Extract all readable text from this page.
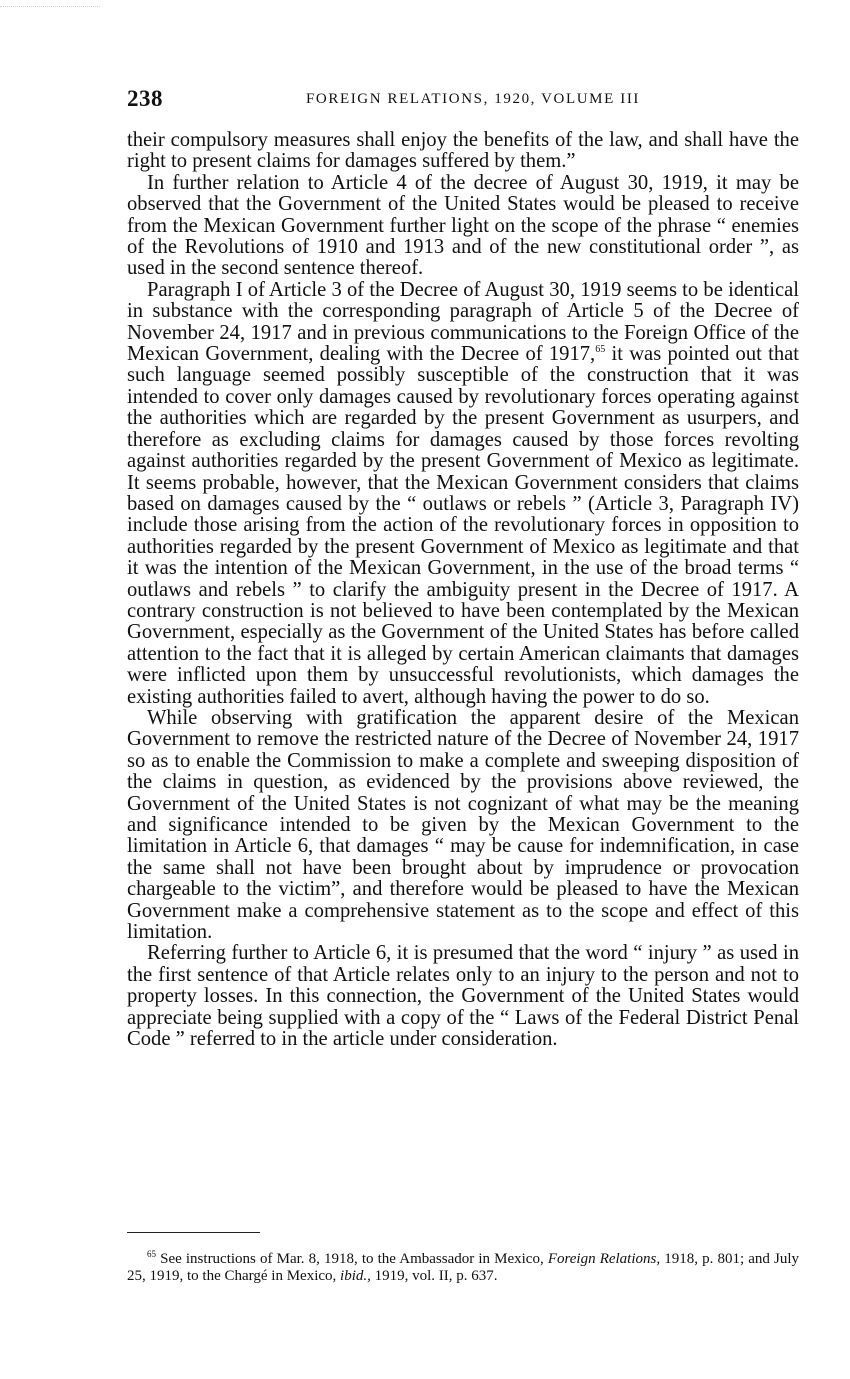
238	FOREIGN RELATIONS, 1920, VOLUME III

their compulsory measures shall enjoy the benefits of the law, and shall have the right to present claims for damages suffered by them.”

In further relation to Article 4 of the decree of August 30, 1919, it may be observed that the Government of the United States would be pleased to receive from the Mexican Government further light on the scope of the phrase “ enemies of the Revolutions of 1910 and 1913 and of the new constitutional order ”, as used in the second sentence thereof.

Paragraph I of Article 3 of the Decree of August 30, 1919 seems to be identical in substance with the corresponding paragraph of Article 5 of the Decree of November 24, 1917 and in previous communications to the Foreign Office of the Mexican Government, dealing with the Decree of 1917,65 it was pointed out that such language seemed possibly susceptible of the construction that it was intended to cover only damages caused by revolutionary forces operating against the authorities which are regarded by the present Government as usurpers, and therefore as excluding claims for damages caused by those forces revolting against authorities regarded by the present Government of Mexico as legitimate. It seems probable, however, that the Mexican Government considers that claims based on damages caused by the “ outlaws or rebels ” (Article 3, Paragraph IV) include those arising from the action of the revolutionary forces in opposition to authorities regarded by the present Government of Mexico as legitimate and that it was the intention of the Mexican Government, in the use of the broad terms “ outlaws and rebels ” to clarify the ambiguity present in the Decree of 1917. A contrary construction is not believed to have been contemplated by the Mexican Government, especially as the Government of the United States has before called attention to the fact that it is alleged by certain American claimants that damages were inflicted upon them by unsuccessful revolutionists, which damages the existing authorities failed to avert, although having the power to do so.

While observing with gratification the apparent desire of the Mexican Government to remove the restricted nature of the Decree of November 24, 1917 so as to enable the Commission to make a complete and sweeping disposition of the claims in question, as evidenced by the provisions above reviewed, the Government of the United States is not cognizant of what may be the meaning and significance intended to be given by the Mexican Government to the limitation in Article 6, that damages “ may be cause for indemnification, in case the same shall not have been brought about by imprudence or provocation chargeable to the victim”, and therefore would be pleased to have the Mexican Government make a comprehensive statement as to the scope and effect of this limitation.

Referring further to Article 6, it is presumed that the word “ injury ” as used in the first sentence of that Article relates only to an injury to the person and not to property losses. In this connection, the Government of the United States would appreciate being supplied with a copy of the “ Laws of the Federal District Penal Code ” referred to in the article under consideration.

$^{65}$ See instructions of Mar. 8, 1918, to the Ambassador in Mexico, Foreign Relations, 1918, p. 801; and July 25, 1919, to the Chargé in Mexico, ibid., 1919, vol. II, p. 637.
